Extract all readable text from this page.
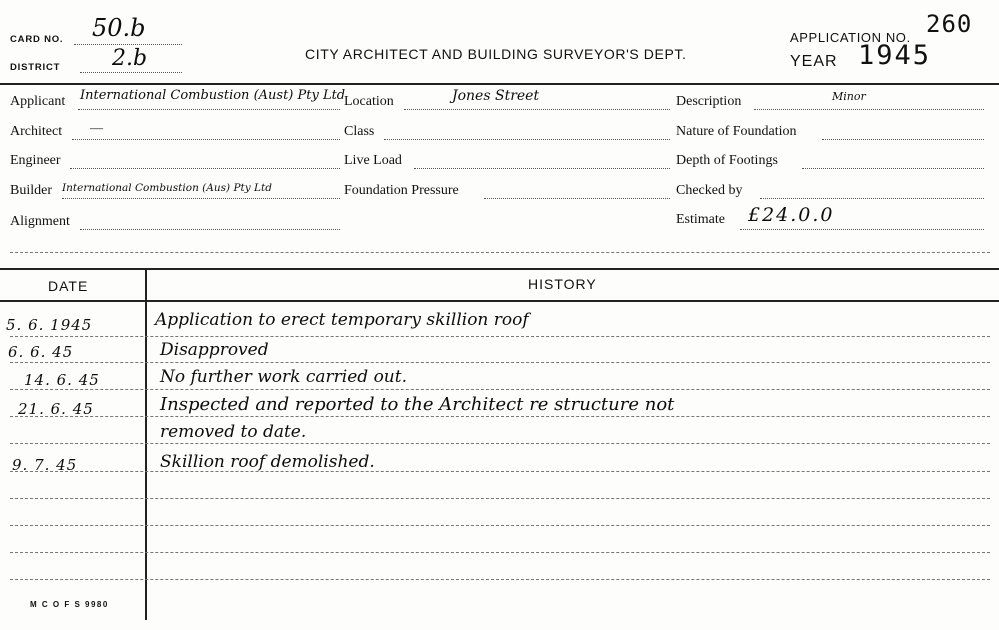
CARD NO. 50.b
DISTRICT 2.b	CITY ARCHITECT AND BUILDING SURVEYOR'S DEPT.
APPLICATION NO. 260
YEAR 1945
Applicant International Combustion (Aust) Pty Ltd
Architect —
Engineer
Builder International Combustion (Aus) Pty Ltd
Alignment
Location	Jones Street
Class
Live Load
Foundation Pressure
Description	Minor
Nature of Foundation
Depth of Footings
Checked by
Estimate £24.0.0
DATE	HISTORY
5. 6. 1945	Application to erect temporary skillion roof
6. 6. 45	Disapproved
14. 6. 45	No further work carried out.
21. 6. 45	Inspected and reported to the Architect re structure not
removed to date.
9. 7. 45	Skillion roof demolished.
M C O F S 9980
